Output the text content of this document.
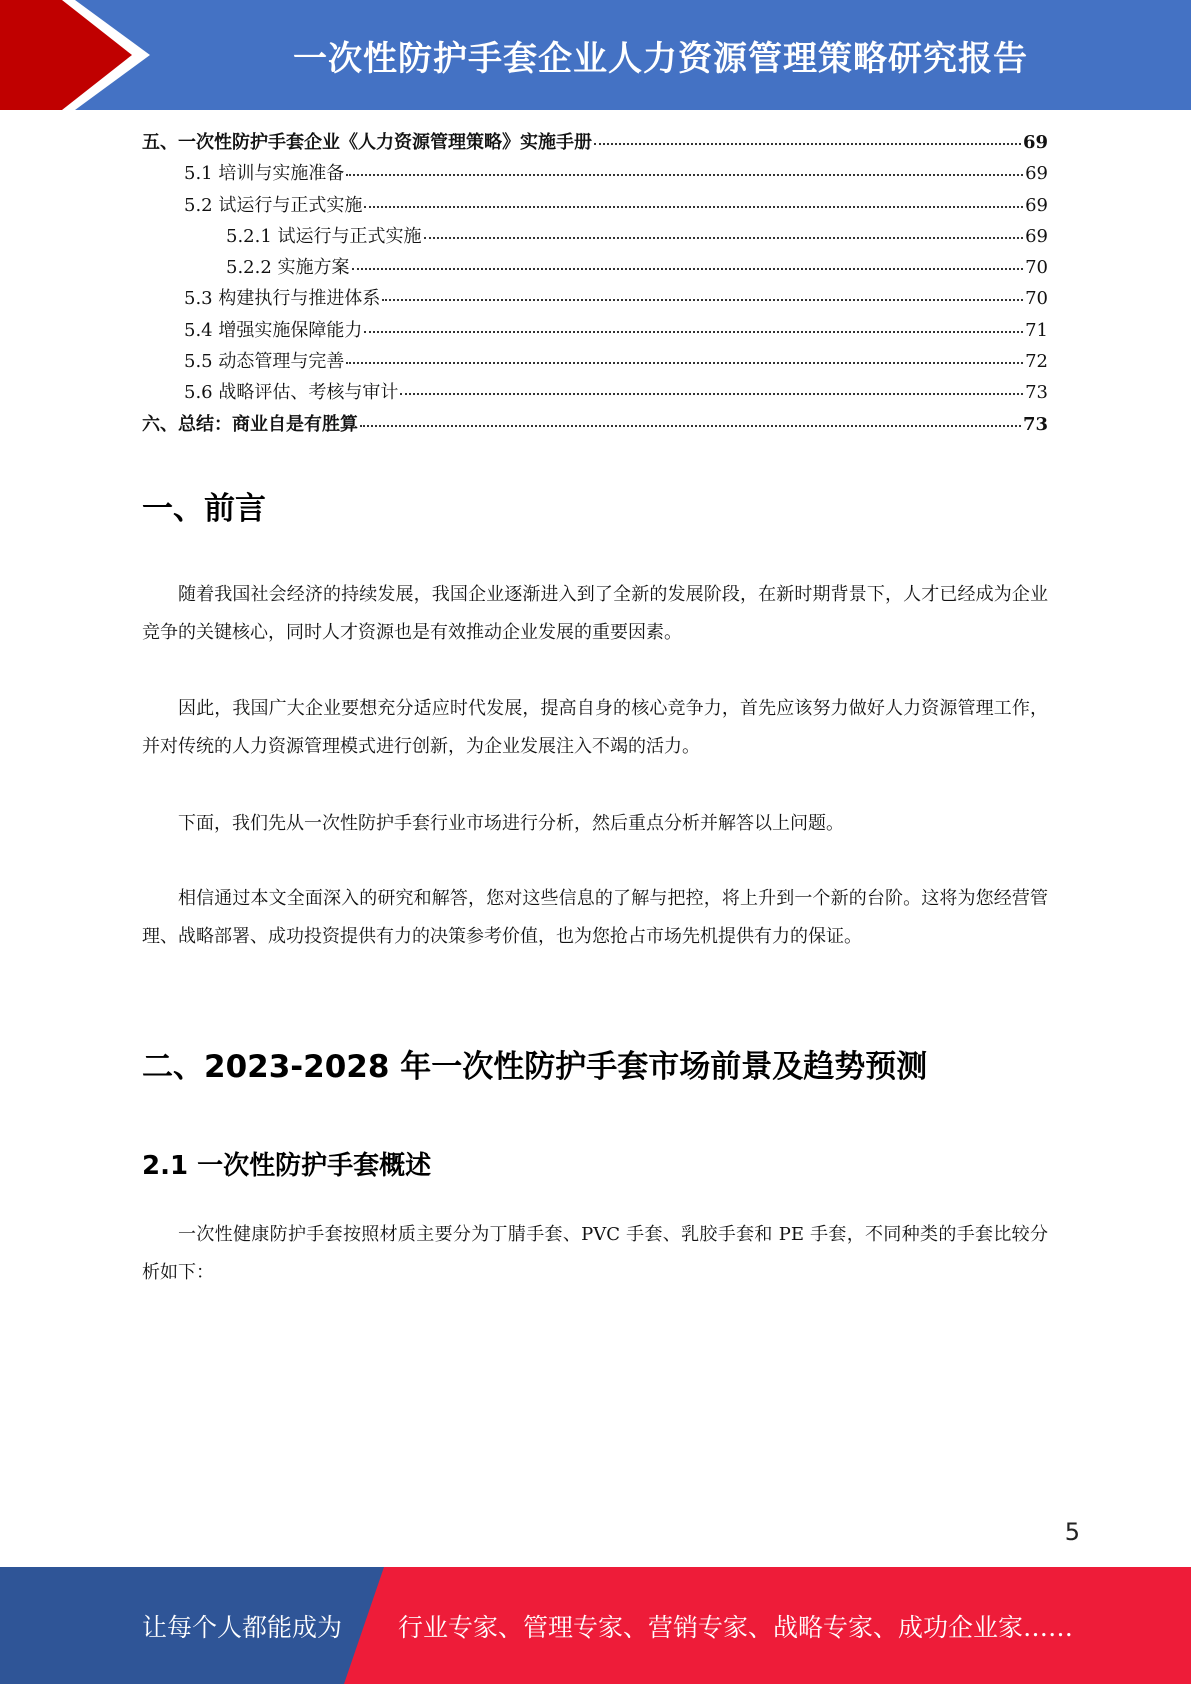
一次性防护手套企业人力资源管理策略研究报告
五、一次性防护手套企业《人力资源管理策略》实施手册	69
5.1 培训与实施准备	69
5.2 试运行与正式实施	69
5.2.1 试运行与正式实施	69
5.2.2 实施方案	70
5.3 构建执行与推进体系	70
5.4 增强实施保障能力	71
5.5 动态管理与完善	72
5.6 战略评估、考核与审计	73
六、总结：商业自是有胜算	73
一、前言

随着我国社会经济的持续发展，我国企业逐渐进入到了全新的发展阶段，在新时期背景下，人才已经成为企业竞争的关键核心，同时人才资源也是有效推动企业发展的重要因素。

因此，我国广大企业要想充分适应时代发展，提高自身的核心竞争力，首先应该努力做好人力资源管理工作，并对传统的人力资源管理模式进行创新，为企业发展注入不竭的活力。

下面，我们先从一次性防护手套行业市场进行分析，然后重点分析并解答以上问题。

相信通过本文全面深入的研究和解答，您对这些信息的了解与把控，将上升到一个新的台阶。这将为您经营管理、战略部署、成功投资提供有力的决策参考价值，也为您抢占市场先机提供有力的保证。

二、2023-2028 年一次性防护手套市场前景及趋势预测
2.1 一次性防护手套概述

一次性健康防护手套按照材质主要分为丁腈手套、PVC 手套、乳胶手套和 PE 手套，不同种类的手套比较分析如下：

5
让每个人都能成为 行业专家、管理专家、营销专家、战略专家、成功企业家……
